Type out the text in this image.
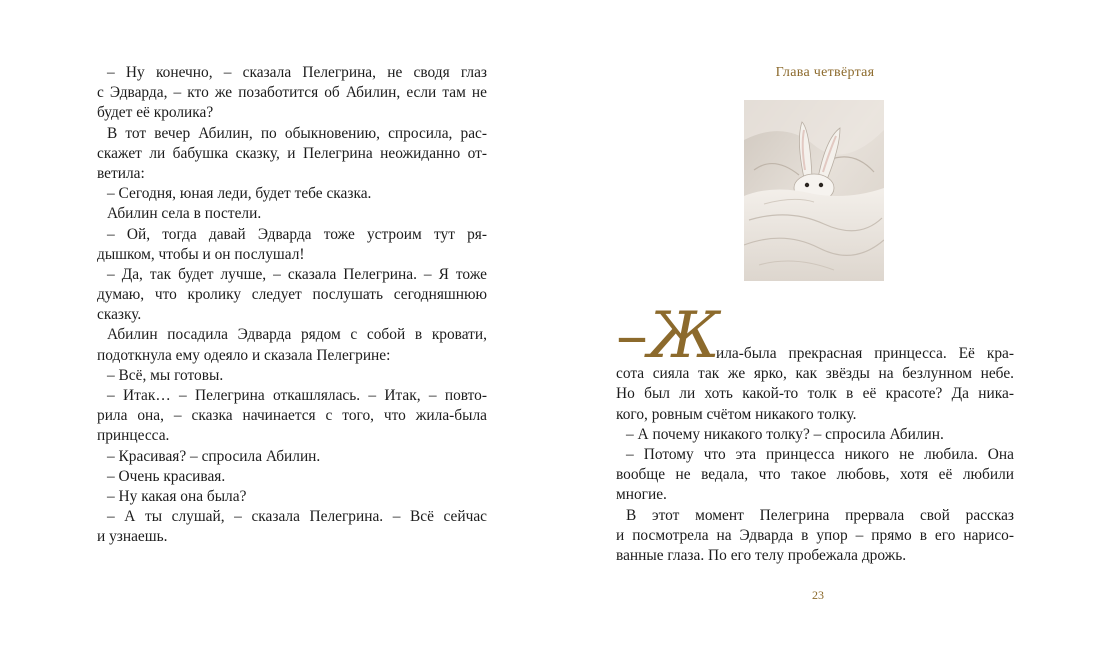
– Ну конечно, – сказала Пелегрина, не сводя глаз
с Эдварда, – кто же позаботится об Абилин, если там не
будет её кролика?
В тот вечер Абилин, по обыкновению, спросила, рас-
скажет ли бабушка сказку, и Пелегрина неожиданно от-
ветила:
– Сегодня, юная леди, будет тебе сказка.
Абилин села в постели.
– Ой, тогда давай Эдварда тоже устроим тут ря-
дышком, чтобы и он послушал!
– Да, так будет лучше, – сказала Пелегрина. – Я тоже
думаю, что кролику следует послушать сегодняшнюю
сказку.
Абилин посадила Эдварда рядом с собой в кровати,
подоткнула ему одеяло и сказала Пелегрине:
– Всё, мы готовы.
– Итак… – Пелегрина откашлялась. – Итак, – повто-
рила она, – сказка начинается с того, что жила-была
принцесса.
– Красивая? – спросила Абилин.
– Очень красивая.
– Ну какая она была?
– А ты слушай, – сказала Пелегрина. – Всё сейчас
и узнаешь.
Глава четвёртая
–Ж
ила-была прекрасная принцесса. Её кра-
сота сияла так же ярко, как звёзды на безлунном небе.
Но был ли хоть какой-то толк в её красоте? Да ника-
кого, ровным счётом никакого толку.
– А почему никакого толку? – спросила Абилин.
– Потому что эта принцесса никого не любила. Она
вообще не ведала, что такое любовь, хотя её любили
многие.
В этот момент Пелегрина прервала свой рассказ
и посмотрела на Эдварда в упор – прямо в его нарисо-
ванные глаза. По его телу пробежала дрожь.
23
